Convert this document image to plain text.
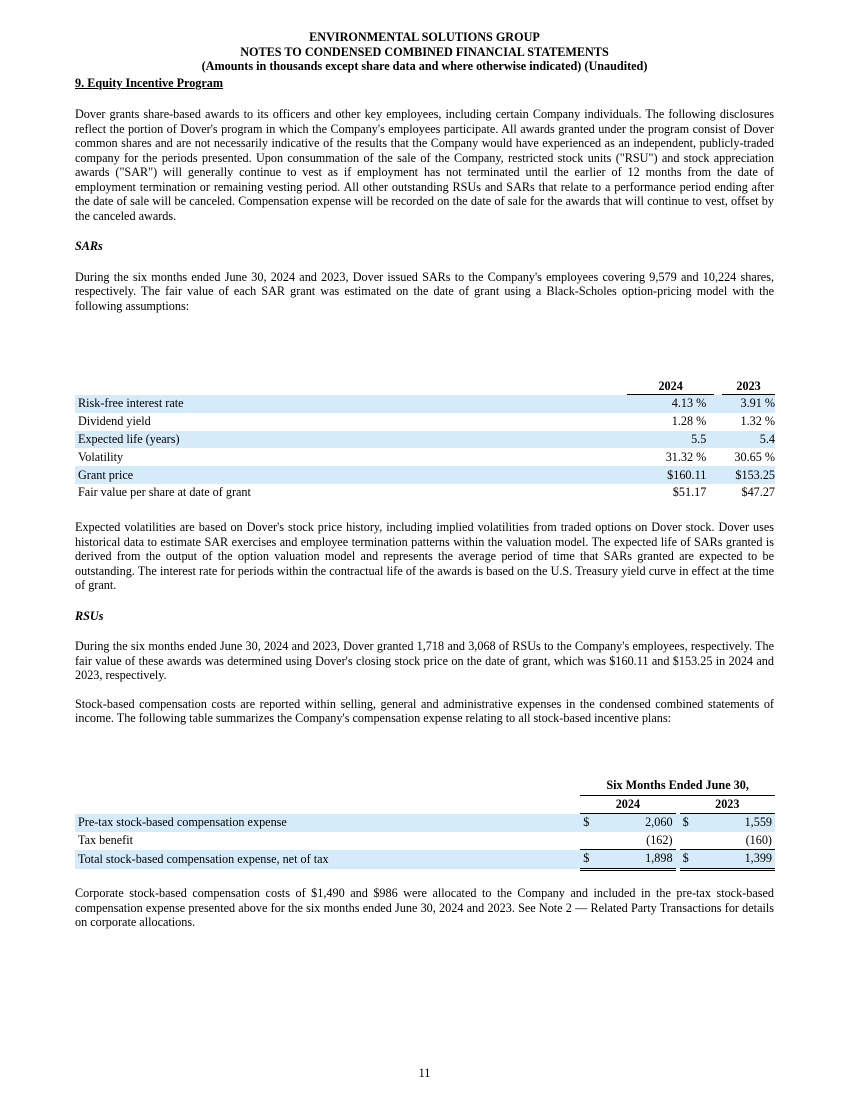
ENVIRONMENTAL SOLUTIONS GROUP
NOTES TO CONDENSED COMBINED FINANCIAL STATEMENTS
(Amounts in thousands except share data and where otherwise indicated) (Unaudited)
9. Equity Incentive Program

Dover grants share-based awards to its officers and other key employees, including certain Company individuals. The following disclosures reflect the portion of Dover's program in which the Company's employees participate. All awards granted under the program consist of Dover common shares and are not necessarily indicative of the results that the Company would have experienced as an independent, publicly-traded company for the periods presented. Upon consummation of the sale of the Company, restricted stock units ("RSU") and stock appreciation awards ("SAR") will generally continue to vest as if employment has not terminated until the earlier of 12 months from the date of employment termination or remaining vesting period. All other outstanding RSUs and SARs that relate to a performance period ending after the date of sale will be canceled. Compensation expense will be recorded on the date of sale for the awards that will continue to vest, offset by the canceled awards.

SARs

During the six months ended June 30, 2024 and 2023, Dover issued SARs to the Company's employees covering 9,579 and 10,224 shares, respectively. The fair value of each SAR grant was estimated on the date of grant using a Black-Scholes option-pricing model with the following assumptions:

	2024		2023
Risk-free interest rate	4.13 %		3.91 %
Dividend yield	1.28 %		1.32 %
Expected life (years)	5.5		5.4
Volatility	31.32 %		30.65 %
Grant price	$160.11		$153.25
Fair value per share at date of grant	$51.17		$47.27

Expected volatilities are based on Dover's stock price history, including implied volatilities from traded options on Dover stock. Dover uses historical data to estimate SAR exercises and employee termination patterns within the valuation model. The expected life of SARs granted is derived from the output of the option valuation model and represents the average period of time that SARs granted are expected to be outstanding. The interest rate for periods within the contractual life of the awards is based on the U.S. Treasury yield curve in effect at the time of grant.

RSUs

During the six months ended June 30, 2024 and 2023, Dover granted 1,718 and 3,068 of RSUs to the Company's employees, respectively. The fair value of these awards was determined using Dover's closing stock price on the date of grant, which was $160.11 and $153.25 in 2024 and 2023, respectively.

Stock-based compensation costs are reported within selling, general and administrative expenses in the condensed combined statements of income. The following table summarizes the Company's compensation expense relating to all stock-based incentive plans:

	Six Months Ended June 30,				
	2024			2023	
Pre-tax stock-based compensation expense	$	2,060		$	1,559
Tax benefit		(162)			(160)
Total stock-based compensation expense, net of tax	$	1,898		$	1,399

Corporate stock-based compensation costs of $1,490 and $986 were allocated to the Company and included in the pre-tax stock-based compensation expense presented above for the six months ended June 30, 2024 and 2023. See Note 2 — Related Party Transactions for details on corporate allocations.

11
